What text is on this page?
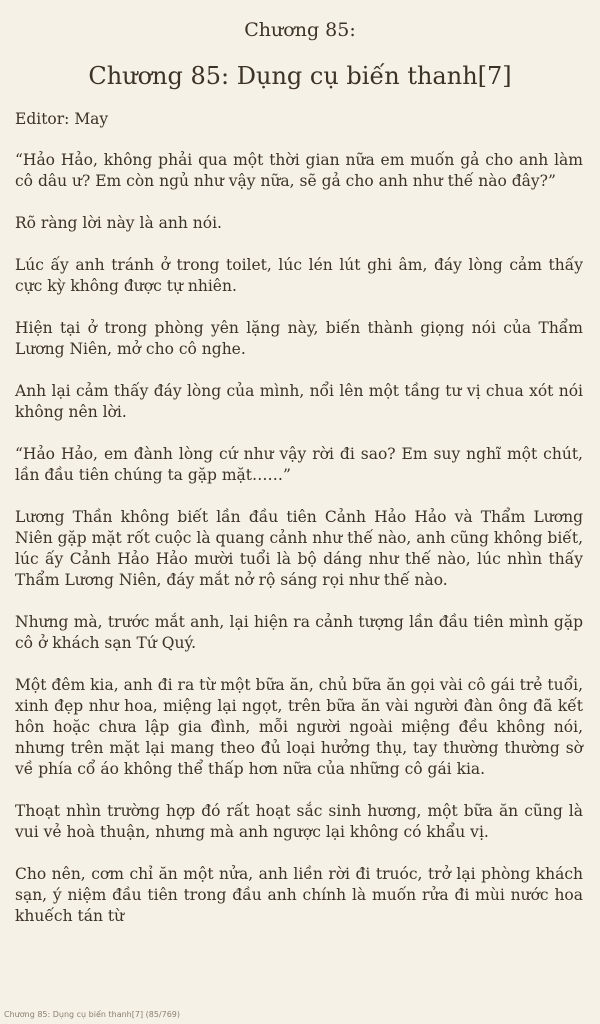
Chương 85:
Chương 85: Dụng cụ biến thanh[7]

Editor: May

“Hảo Hảo, không phải qua một thời gian nữa em muốn gả cho anh làm cô dâu ư? Em còn ngủ như vậy nữa, sẽ gả cho anh như thế nào đây?”

Rõ ràng lời này là anh nói.

Lúc ấy anh tránh ở trong toilet, lúc lén lút ghi âm, đáy lòng cảm thấy cực kỳ không được tự nhiên.

Hiện tại ở trong phòng yên lặng này, biến thành giọng nói của Thẩm Lương Niên, mở cho cô nghe.

Anh lại cảm thấy đáy lòng của mình, nổi lên một tầng tư vị chua xót nói không nên lời.

“Hảo Hảo, em đành lòng cứ như vậy rời đi sao? Em suy nghĩ một chút, lần đầu tiên chúng ta gặp mặt……”

Lương Thần không biết lần đầu tiên Cảnh Hảo Hảo và Thẩm Lương Niên gặp mặt rốt cuộc là quang cảnh như thế nào, anh cũng không biết, lúc ấy Cảnh Hảo Hảo mười tuổi là bộ dáng như thế nào, lúc nhìn thấy Thẩm Lương Niên, đáy mắt nở rộ sáng rọi như thế nào.

Nhưng mà, trước mắt anh, lại hiện ra cảnh tượng lần đầu tiên mình gặp cô ở khách sạn Tứ Quý.

Một đêm kia, anh đi ra từ một bữa ăn, chủ bữa ăn gọi vài cô gái trẻ tuổi, xinh đẹp như hoa, miệng lại ngọt, trên bữa ăn vài người đàn ông đã kết hôn hoặc chưa lập gia đình, mỗi người ngoài miệng đều không nói, nhưng trên mặt lại mang theo đủ loại hưởng thụ, tay thường thường sờ về phía cổ áo không thể thấp hơn nữa của những cô gái kia.

Thoạt nhìn trường hợp đó rất hoạt sắc sinh hương, một bữa ăn cũng là vui vẻ hoà thuận, nhưng mà anh ngược lại không có khẩu vị.

Cho nên, cơm chỉ ăn một nửa, anh liền rời đi truóc, trở lại phòng khách sạn, ý niệm đầu tiên trong đầu anh chính là muốn rửa đi mùi nước hoa khuếch tán từ

Chương 85: Dụng cụ biến thanh[7] (85/769)
